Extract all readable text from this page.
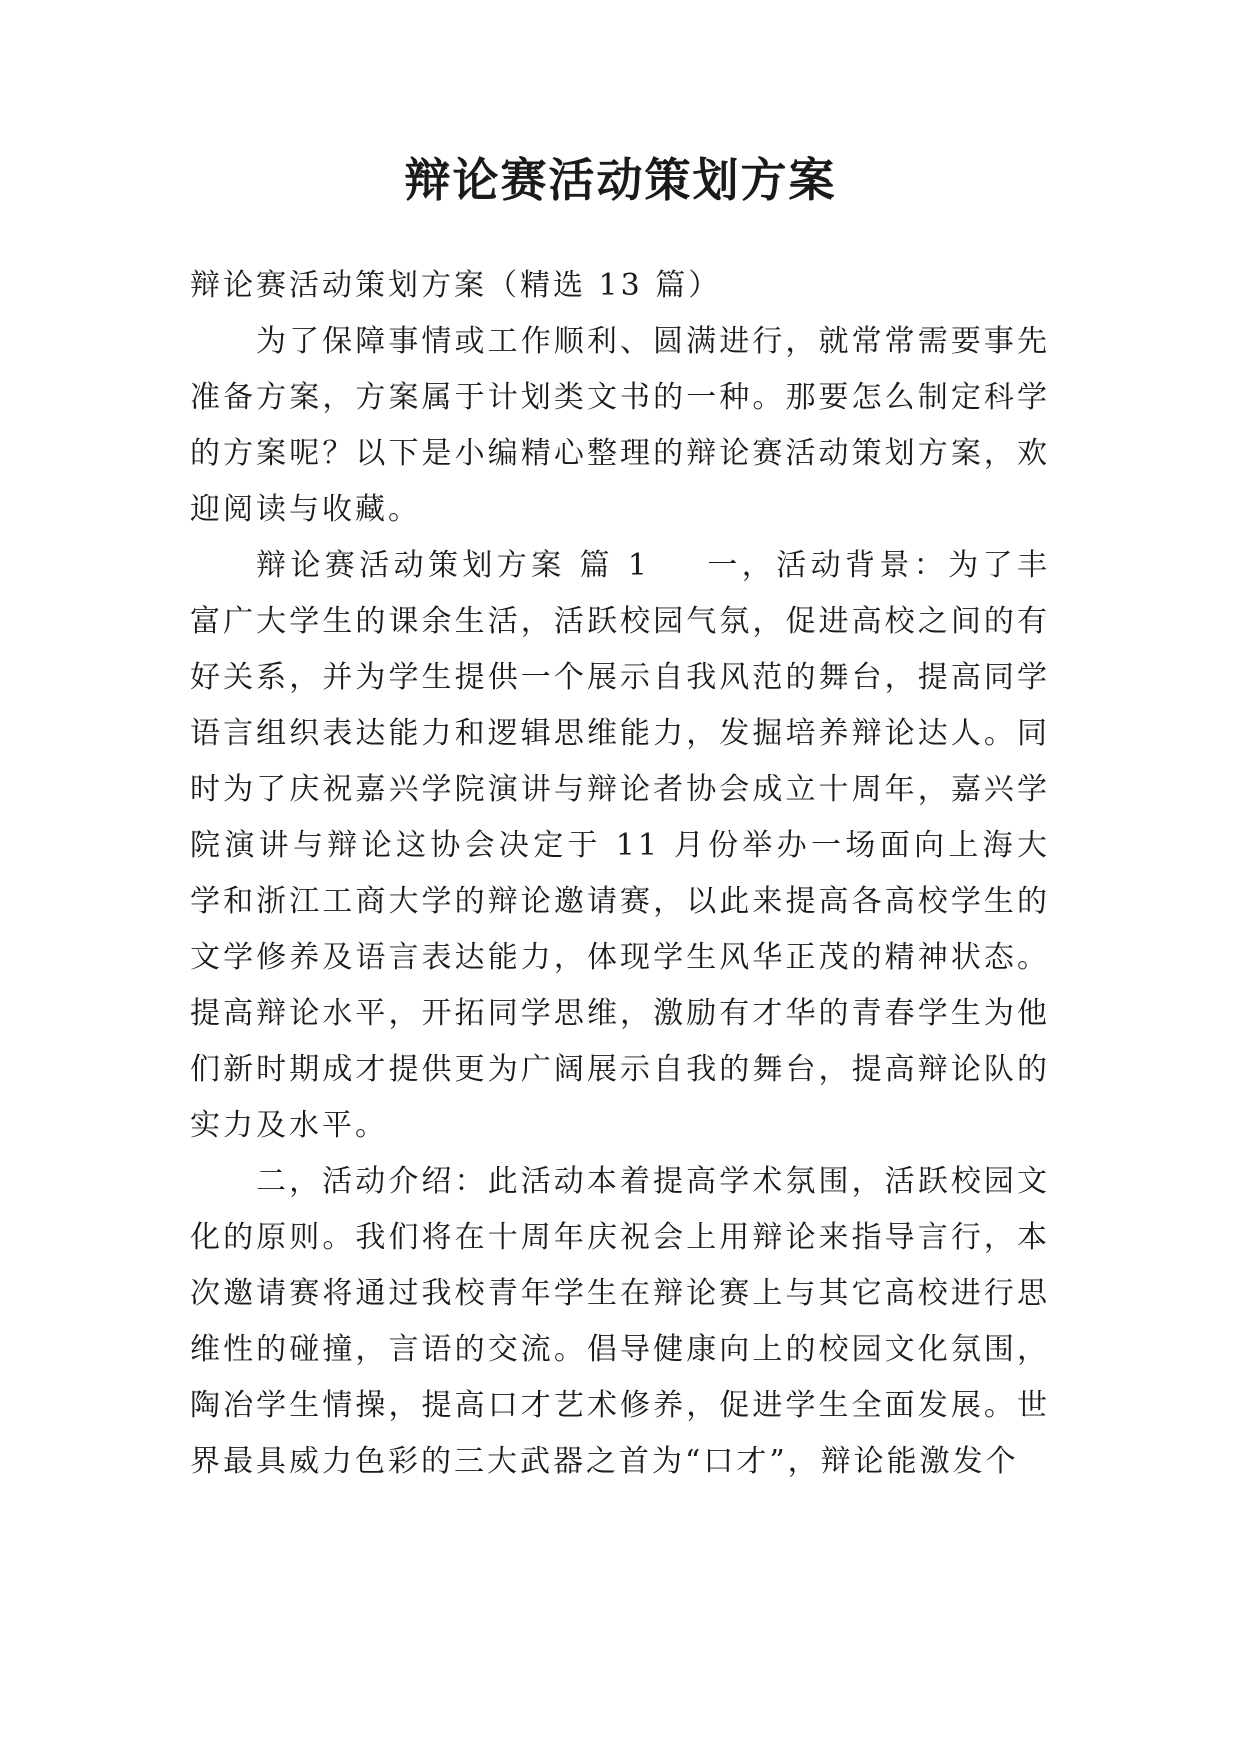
辩论赛活动策划方案

辩论赛活动策划方案（精选 13 篇）

为了保障事情或工作顺利、圆满进行，就常常需要事先准备方案，方案属于计划类文书的一种。那要怎么制定科学的方案呢？以下是小编精心整理的辩论赛活动策划方案，欢迎阅读与收藏。

辩论赛活动策划方案 篇 1 一，活动背景：为了丰富广大学生的课余生活，活跃校园气氛，促进高校之间的有好关系，并为学生提供一个展示自我风范的舞台，提高同学语言组织表达能力和逻辑思维能力，发掘培养辩论达人。同时为了庆祝嘉兴学院演讲与辩论者协会成立十周年，嘉兴学院演讲与辩论这协会决定于 11 月份举办一场面向上海大学和浙江工商大学的辩论邀请赛，以此来提高各高校学生的文学修养及语言表达能力，体现学生风华正茂的精神状态。提高辩论水平，开拓同学思维，激励有才华的青春学生为他们新时期成才提供更为广阔展示自我的舞台，提高辩论队的实力及水平。

二，活动介绍：此活动本着提高学术氛围，活跃校园文化的原则。我们将在十周年庆祝会上用辩论来指导言行，本次邀请赛将通过我校青年学生在辩论赛上与其它高校进行思维性的碰撞，言语的交流。倡导健康向上的校园文化氛围，陶冶学生情操，提高口才艺术修养，促进学生全面发展。世界最具威力色彩的三大武器之首为“口才”，辩论能激发个
